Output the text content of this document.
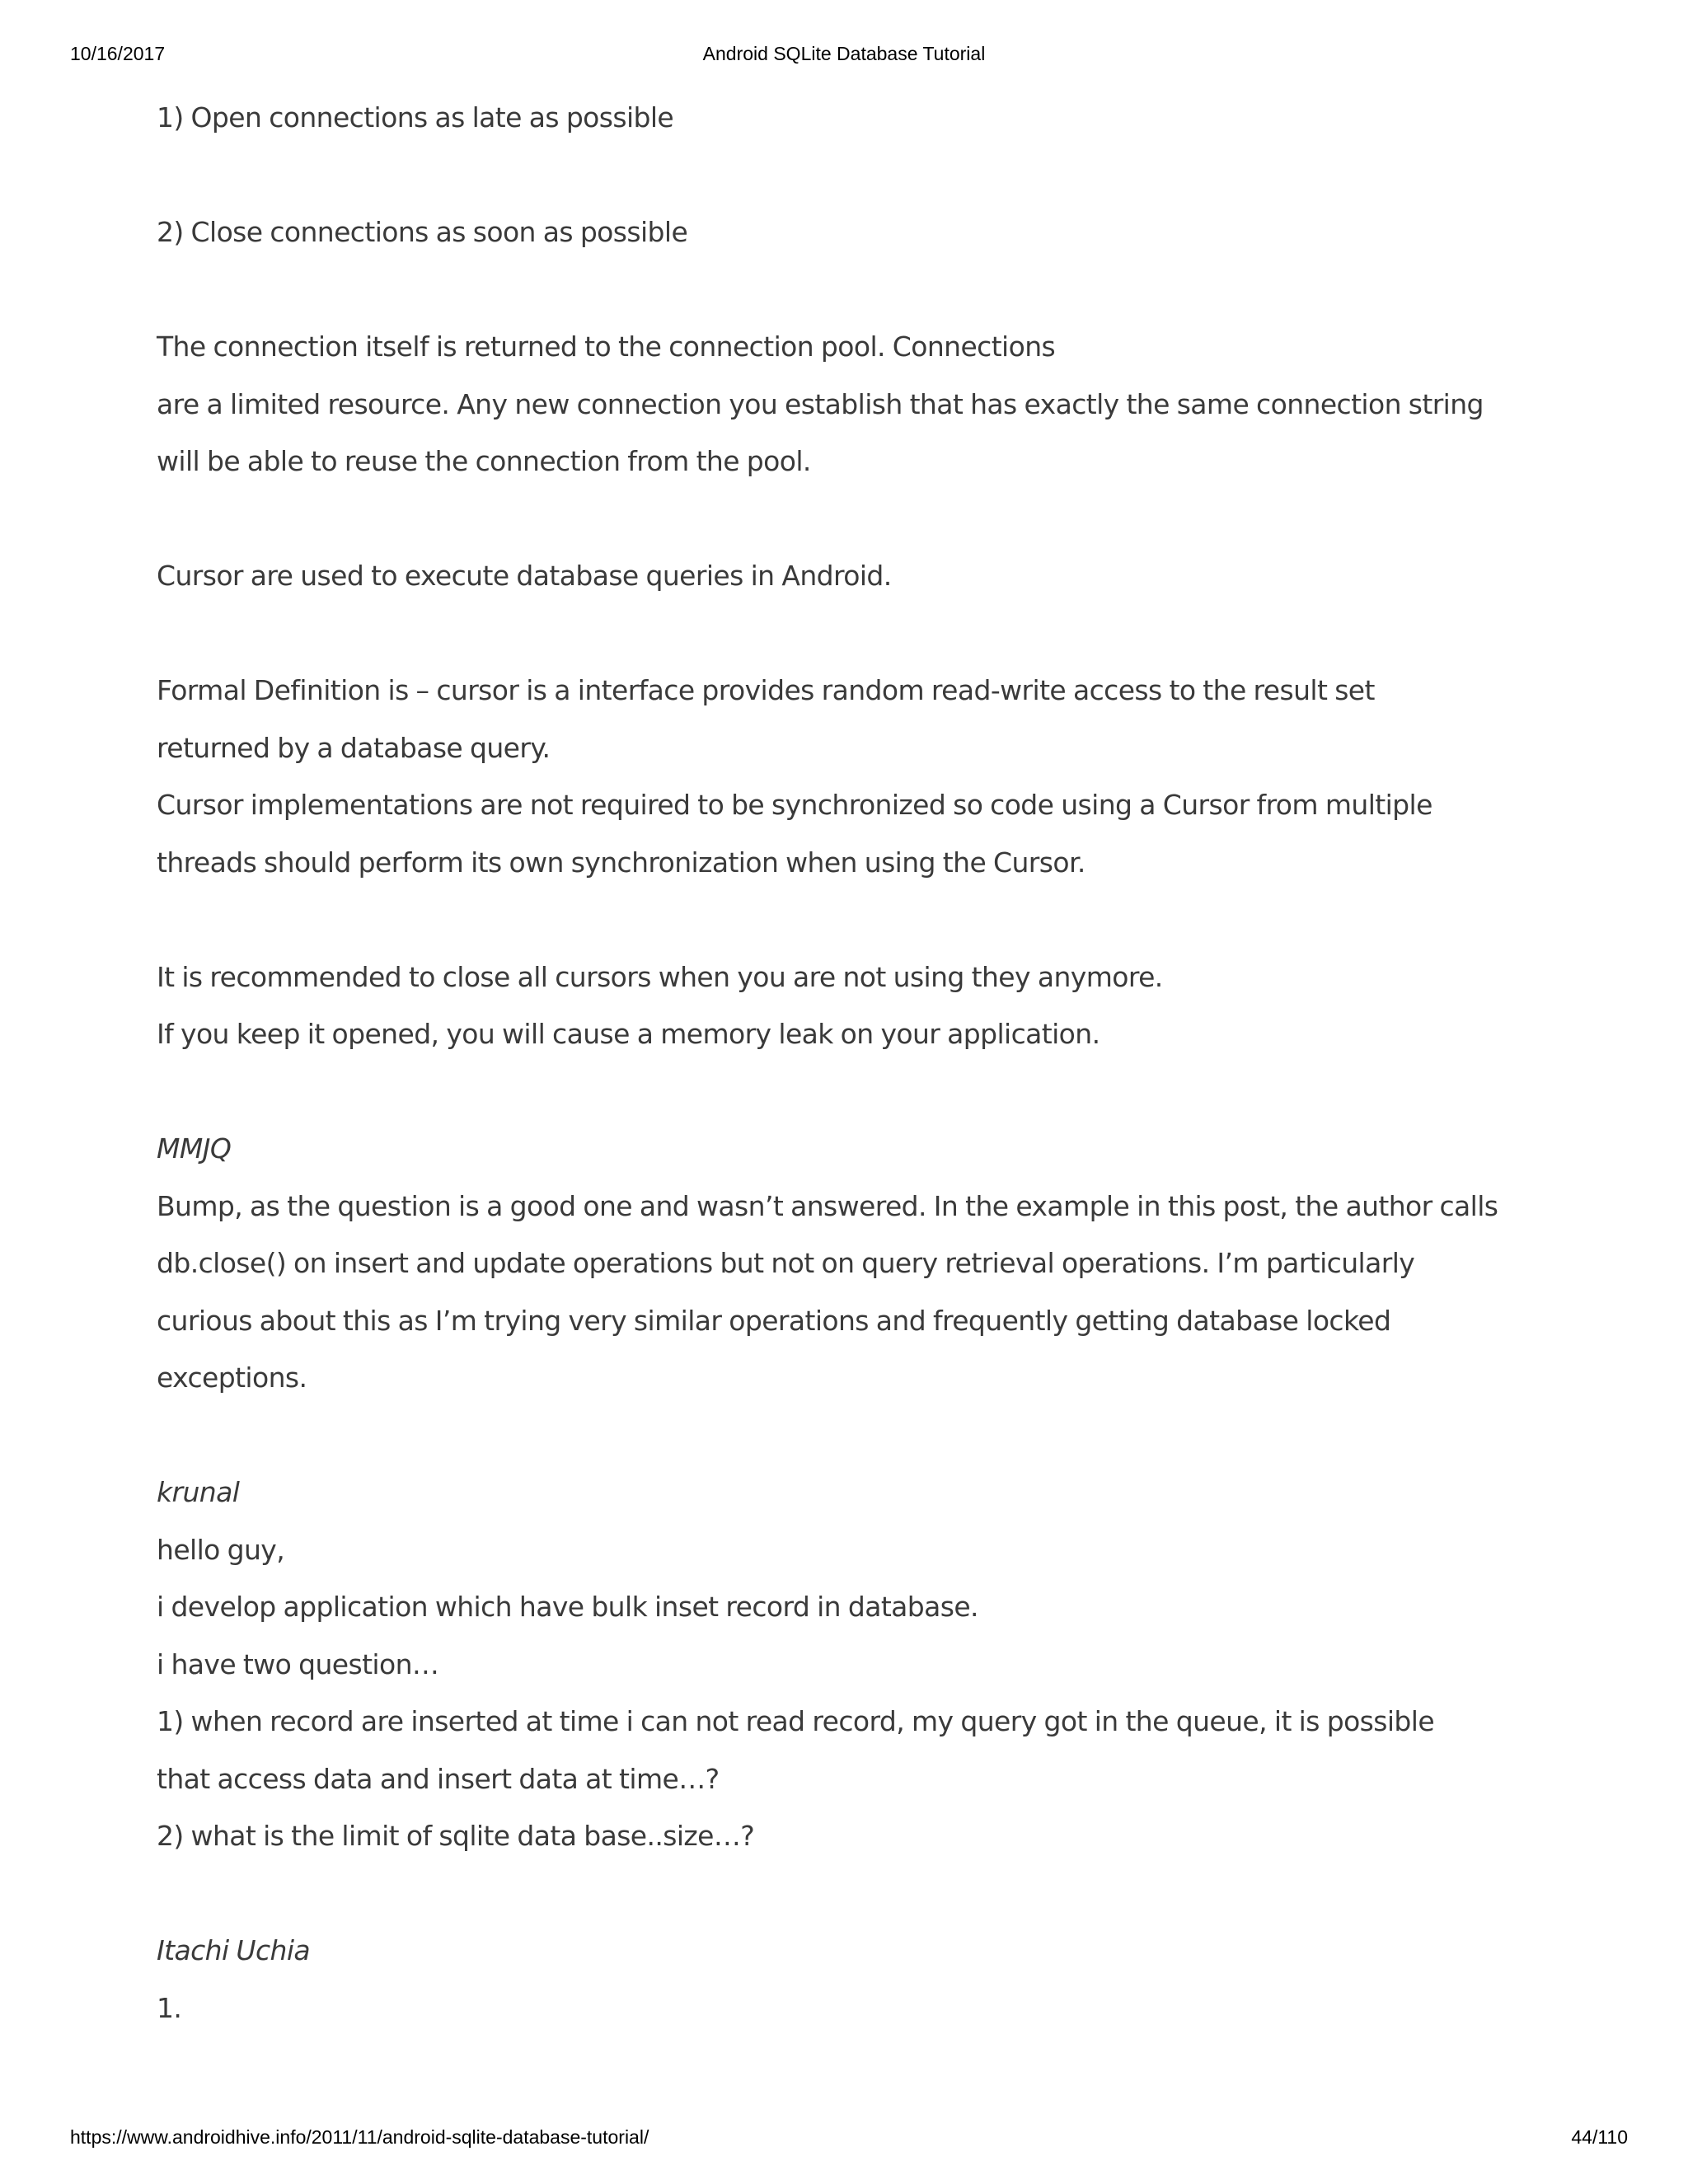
10/16/2017	Android SQLite Database Tutorial

1) Open connections as late as possible

2) Close connections as soon as possible

The connection itself is returned to the connection pool. Connections

are a limited resource. Any new connection you establish that has exactly the same connection string

will be able to reuse the connection from the pool.

Cursor are used to execute database queries in Android.

Formal Definition is – cursor is a interface provides random read-write access to the result set

returned by a database query.

Cursor implementations are not required to be synchronized so code using a Cursor from multiple

threads should perform its own synchronization when using the Cursor.

It is recommended to close all cursors when you are not using they anymore.

If you keep it opened, you will cause a memory leak on your application.

MMJQ

Bump, as the question is a good one and wasn’t answered. In the example in this post, the author calls

db.close() on insert and update operations but not on query retrieval operations. I’m particularly

curious about this as I’m trying very similar operations and frequently getting database locked

exceptions.

krunal

hello guy,

i develop application which have bulk inset record in database.

i have two question…

1) when record are inserted at time i can not read record, my query got in the queue, it is possible

that access data and insert data at time…?

2) what is the limit of sqlite data base..size…?

Itachi Uchia

1.

https://www.androidhive.info/2011/11/android-sqlite-database-tutorial/	44/110
